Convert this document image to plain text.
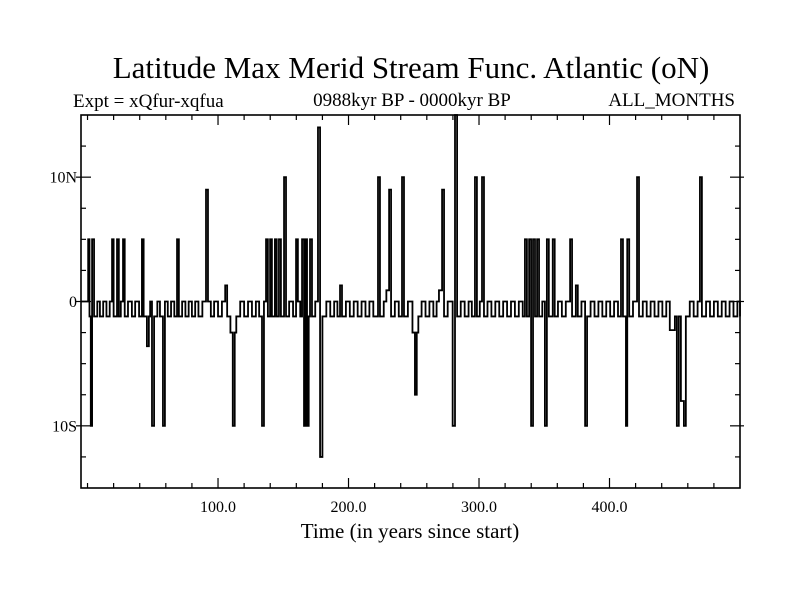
Latitude Max Merid Stream Func. Atlantic (oN)
Expt = xQfur-xqfua	0988kyr BP - 0000kyr BP	ALL_MONTHS
Time (in years since start)
100.0	200.0	300.0	400.0
10N
0
10S
